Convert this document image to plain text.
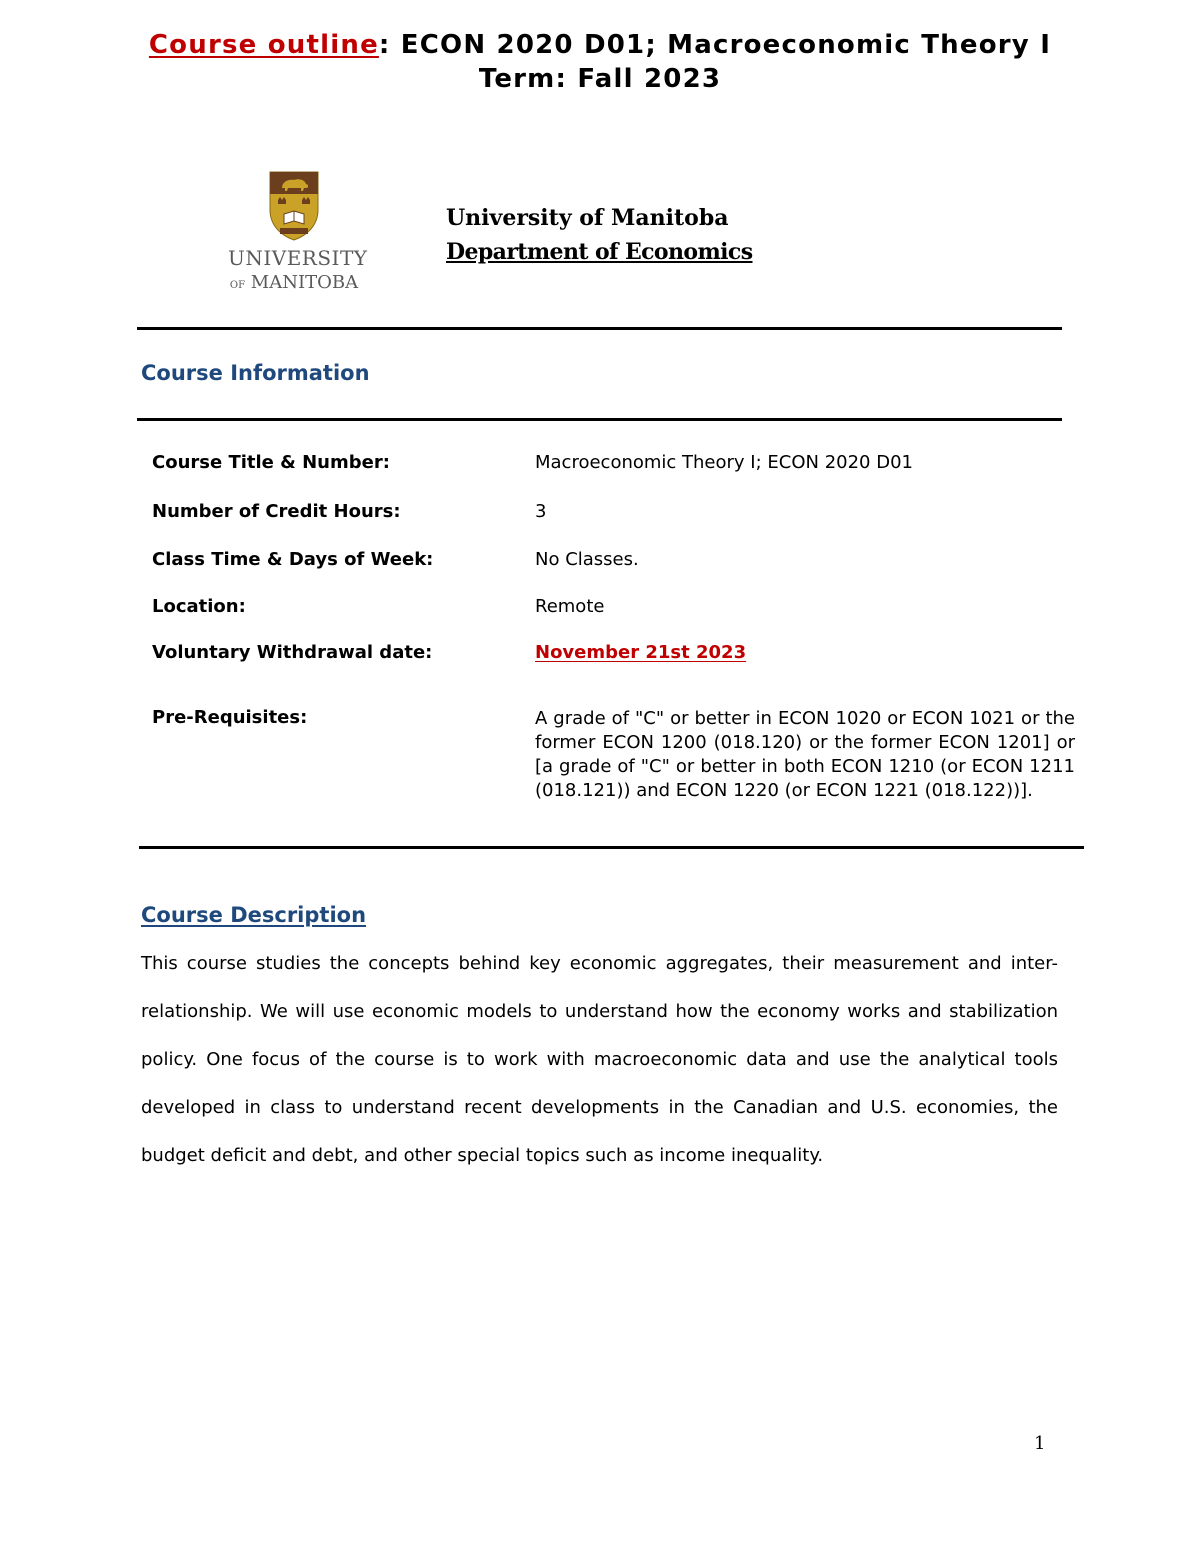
Course outline: ECON 2020 D01; Macroeconomic Theory I
Term: Fall 2023
UNIVERSITY
OF MANITOBA
University of Manitoba
Department of Economics
Course Information
Course Title & Number:	Macroeconomic Theory I; ECON 2020 D01
Number of Credit Hours:	3
Class Time & Days of Week:	No Classes.
Location:	Remote
Voluntary Withdrawal date:	November 21st 2023
Pre-Requisites:	A grade of "C" or better in ECON 1020 or ECON 1021 or the former ECON 1200 (018.120) or the former ECON 1201] or [a grade of "C" or better in both ECON 1210 (or ECON 1211 (018.121)) and ECON 1220 (or ECON 1221 (018.122))].
Course Description
This course studies the concepts behind key economic aggregates, their measurement and inter-relationship. We will use economic models to understand how the economy works and stabilization policy. One focus of the course is to work with macroeconomic data and use the analytical tools developed in class to understand recent developments in the Canadian and U.S. economies, the budget deficit and debt, and other special topics such as income inequality.
1
